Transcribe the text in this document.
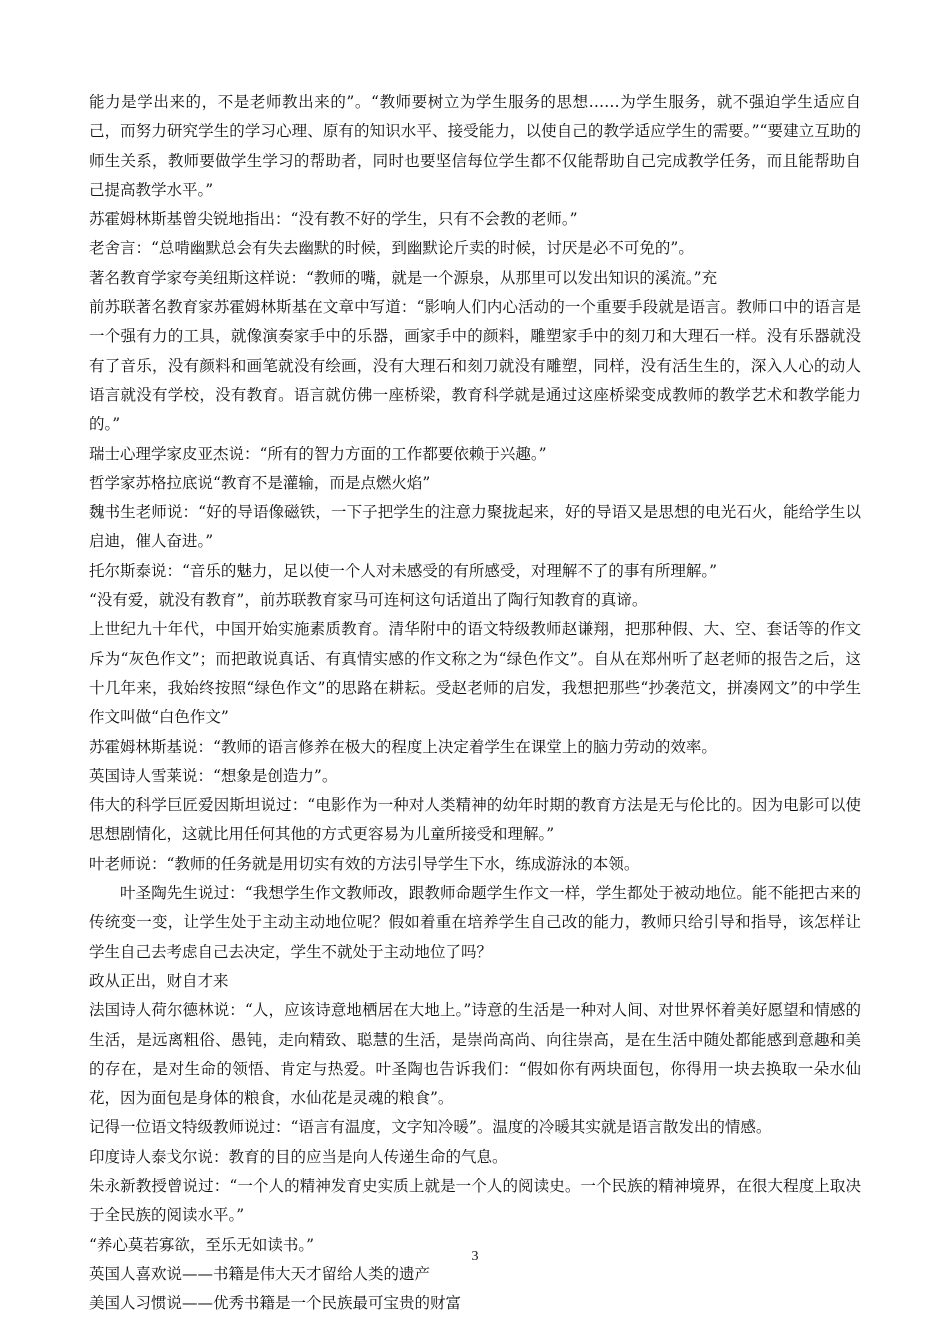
能力是学出来的，不是老师教出来的”。“教师要树立为学生服务的思想……为学生服务，就不强迫学生适应自己，而努力研究学生的学习心理、原有的知识水平、接受能力，以使自己的教学适应学生的需要。”“要建立互助的师生关系，教师要做学生学习的帮助者，同时也要坚信每位学生都不仅能帮助自己完成教学任务，而且能帮助自己提高教学水平。”

苏霍姆林斯基曾尖锐地指出：“没有教不好的学生，只有不会教的老师。”

老舍言：“总啃幽默总会有失去幽默的时候，到幽默论斤卖的时候，讨厌是必不可免的”。

著名教育学家夸美纽斯这样说：“教师的嘴，就是一个源泉，从那里可以发出知识的溪流。”充

前苏联著名教育家苏霍姆林斯基在文章中写道：“影响人们内心活动的一个重要手段就是语言。教师口中的语言是一个强有力的工具，就像演奏家手中的乐器，画家手中的颜料，雕塑家手中的刻刀和大理石一样。没有乐器就没有了音乐，没有颜料和画笔就没有绘画，没有大理石和刻刀就没有雕塑，同样，没有活生生的，深入人心的动人语言就没有学校，没有教育。语言就仿佛一座桥梁，教育科学就是通过这座桥梁变成教师的教学艺术和教学能力的。”

瑞士心理学家皮亚杰说：“所有的智力方面的工作都要依赖于兴趣。”

哲学家苏格拉底说“教育不是灌输，而是点燃火焰”

魏书生老师说：“好的导语像磁铁，一下子把学生的注意力聚拢起来，好的导语又是思想的电光石火，能给学生以启迪，催人奋进。”

托尔斯泰说：“音乐的魅力，足以使一个人对未感受的有所感受，对理解不了的事有所理解。”

“没有爱，就没有教育”，前苏联教育家马可连柯这句话道出了陶行知教育的真谛。

上世纪九十年代，中国开始实施素质教育。清华附中的语文特级教师赵谦翔，把那种假、大、空、套话等的作文斥为“灰色作文”；而把敢说真话、有真情实感的作文称之为“绿色作文”。自从在郑州听了赵老师的报告之后，这十几年来，我始终按照“绿色作文”的思路在耕耘。受赵老师的启发，我想把那些“抄袭范文，拼凑网文”的中学生作文叫做“白色作文”

苏霍姆林斯基说：“教师的语言修养在极大的程度上决定着学生在课堂上的脑力劳动的效率。

英国诗人雪莱说：“想象是创造力”。

伟大的科学巨匠爱因斯坦说过：“电影作为一种对人类精神的幼年时期的教育方法是无与伦比的。因为电影可以使思想剧情化，这就比用任何其他的方式更容易为儿童所接受和理解。”

叶老师说：“教师的任务就是用切实有效的方法引导学生下水，练成游泳的本领。

叶圣陶先生说过：“我想学生作文教师改，跟教师命题学生作文一样，学生都处于被动地位。能不能把古来的传统变一变，让学生处于主动主动地位呢？假如着重在培养学生自己改的能力，教师只给引导和指导，该怎样让学生自己去考虑自己去决定，学生不就处于主动地位了吗？

政从正出，财自才来

法国诗人荷尔德林说：“人，应该诗意地栖居在大地上。”诗意的生活是一种对人间、对世界怀着美好愿望和情感的生活，是远离粗俗、愚钝，走向精致、聪慧的生活，是崇尚高尚、向往崇高，是在生活中随处都能感到意趣和美的存在，是对生命的领悟、肯定与热爱。叶圣陶也告诉我们：“假如你有两块面包，你得用一块去换取一朵水仙花，因为面包是身体的粮食，水仙花是灵魂的粮食”。

记得一位语文特级教师说过：“语言有温度，文字知冷暖”。温度的冷暖其实就是语言散发出的情感。

印度诗人泰戈尔说：教育的目的应当是向人传递生命的气息。

朱永新教授曾说过：“一个人的精神发育史实质上就是一个人的阅读史。一个民族的精神境界，在很大程度上取决于全民族的阅读水平。”

“养心莫若寡欲，至乐无如读书。”

英国人喜欢说——书籍是伟大天才留给人类的遗产

美国人习惯说——优秀书籍是一个民族最可宝贵的财富

3
